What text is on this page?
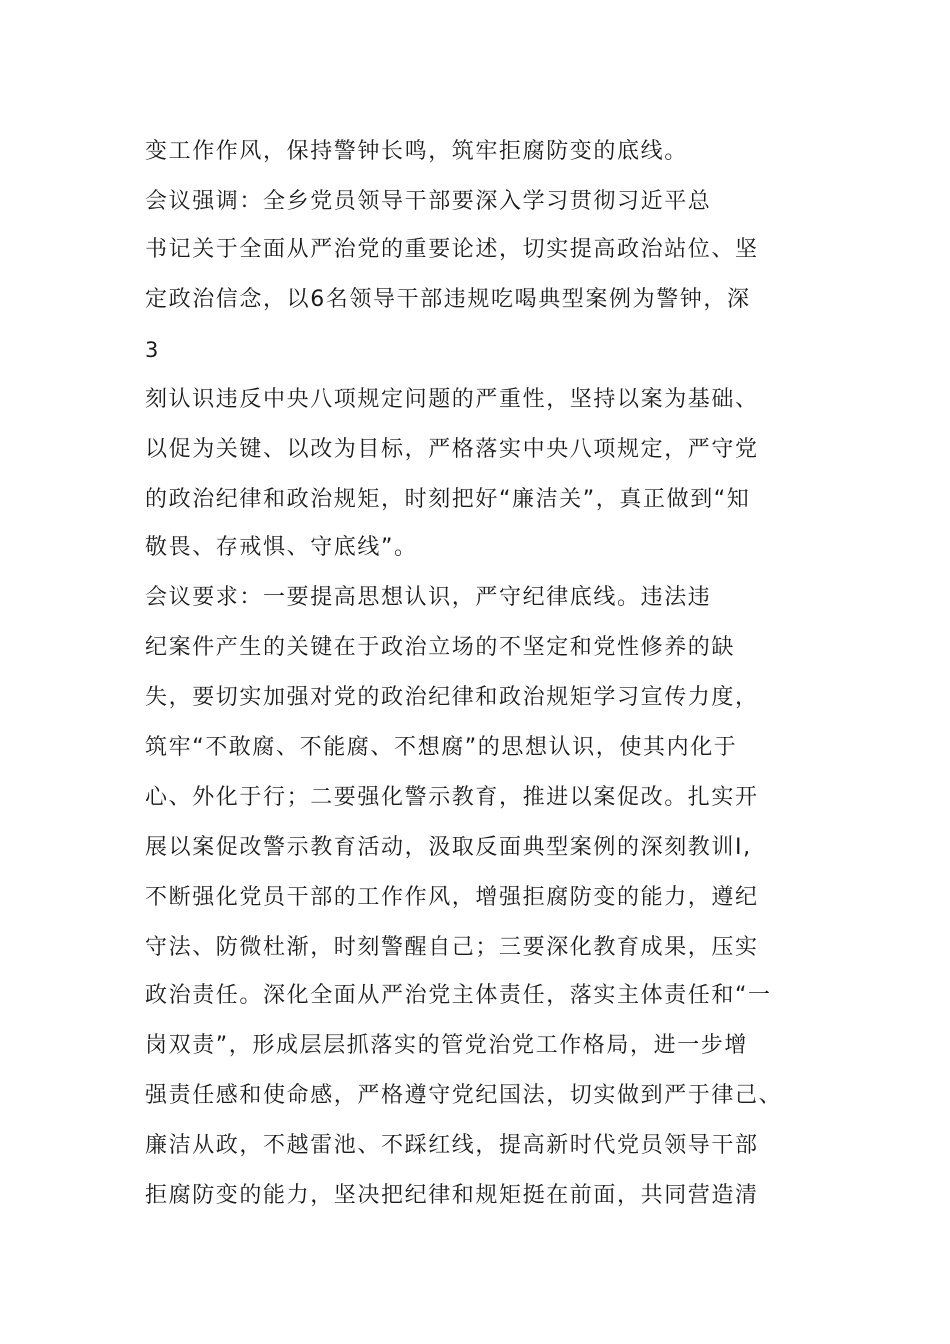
变工作作风，保持警钟长鸣，筑牢拒腐防变的底线。
会议强调：全乡党员领导干部要深入学习贯彻习近平总
书记关于全面从严治党的重要论述，切实提高政治站位、坚
定政治信念，以6名领导干部违规吃喝典型案例为警钟，深
3
刻认识违反中央八项规定问题的严重性，坚持以案为基础、
以促为关键、以改为目标，严格落实中央八项规定，严守党
的政治纪律和政治规矩，时刻把好“廉洁关”，真正做到“知
敬畏、存戒惧、守底线”。
会议要求：一要提高思想认识，严守纪律底线。违法违
纪案件产生的关键在于政治立场的不坚定和党性修养的缺
失，要切实加强对党的政治纪律和政治规矩学习宣传力度，
筑牢“不敢腐、不能腐、不想腐”的思想认识，使其内化于
心、外化于行；二要强化警示教育，推进以案促改。扎实开
展以案促改警示教育活动，汲取反面典型案例的深刻教训I,
不断强化党员干部的工作作风，增强拒腐防变的能力，遵纪
守法、防微杜渐，时刻警醒自己；三要深化教育成果，压实
政治责任。深化全面从严治党主体责任，落实主体责任和“一
岗双责”，形成层层抓落实的管党治党工作格局，进一步增
强责任感和使命感，严格遵守党纪国法，切实做到严于律己、
廉洁从政，不越雷池、不踩红线，提高新时代党员领导干部
拒腐防变的能力，坚决把纪律和规矩挺在前面，共同营造清
